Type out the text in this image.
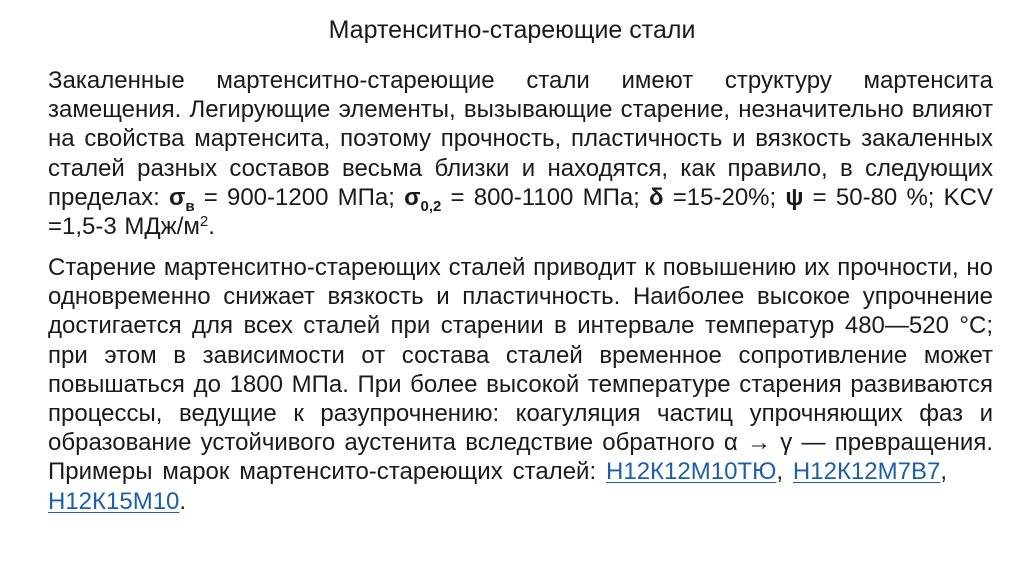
Мартенситно-стареющие стали
Закаленные мартенситно-стареющие стали имеют структуру мартенсита замещения. Легирующие элементы, вызывающие старение, незначительно влияют на свойства мартенсита, поэтому прочность, пластичность и вязкость закаленных сталей разных составов весьма близки и находятся, как правило, в следующих пределах: $\sigma_в = 900-1200$ МПа; $\sigma_{0,2} = 800-1100$ МПа; δ =15-20%; ψ = 50-80 %; KCV =1,5-3 МДж/$м^2$.
Старение мартенситно-стареющих сталей приводит к повышению их прочности, но одновременно снижает вязкость и пластичность. Наиболее высокое упрочнение достигается для всех сталей при старении в интервале температур 480—520 °С; при этом в зависимости от состава сталей временное сопротивление может повышаться до 1800 МПа. При более высокой температуре старения развиваются процессы, ведущие к разупрочнению: коагуляция частиц упрочняющих фаз и образование устойчивого аустенита вследствие обратного α → γ — превращения. Примеры марок мартенсито-стареющих сталей: Н12К12М10ТЮ, Н12К12М7В7,Н12К15М10.
